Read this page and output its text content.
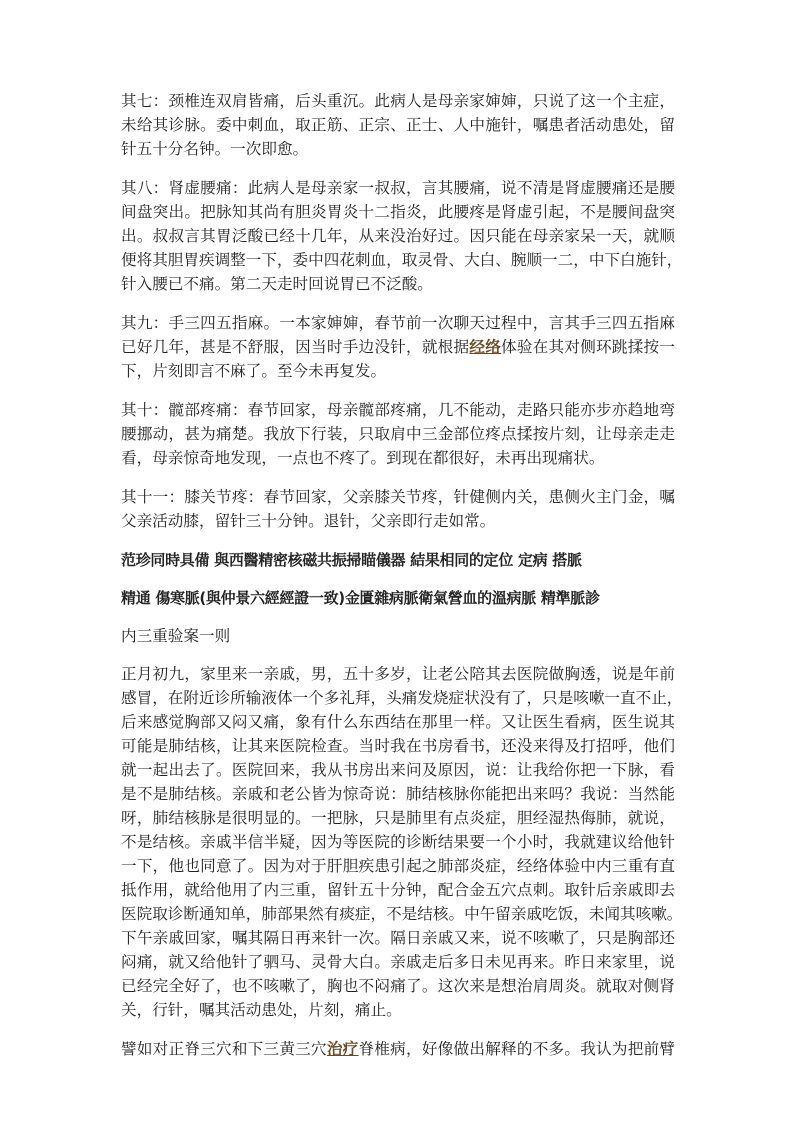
其七：颈椎连双肩皆痛，后头重沉。此病人是母亲家婶婶，只说了这一个主症，
未给其诊脉。委中刺血，取正筋、正宗、正士、人中施针，嘱患者活动患处，留
针五十分名钟。一次即愈。
其八：肾虚腰痛：此病人是母亲家一叔叔，言其腰痛，说不清是肾虚腰痛还是腰
间盘突出。把脉知其尚有胆炎胃炎十二指炎，此腰疼是肾虚引起，不是腰间盘突
出。叔叔言其胃泛酸已经十几年，从来没治好过。因只能在母亲家呆一天，就顺
便将其胆胃疾调整一下，委中四花刺血，取灵骨、大白、腕顺一二，中下白施针，
针入腰已不痛。第二天走时回说胃已不泛酸。
其九：手三四五指麻。一本家婶婶，春节前一次聊天过程中，言其手三四五指麻
已好几年，甚是不舒服，因当时手边没针，就根据经络体验在其对侧环跳揉按一
下，片刻即言不麻了。至今未再复发。
其十：髋部疼痛：春节回家，母亲髋部疼痛，几不能动，走路只能亦步亦趋地弯
腰挪动，甚为痛楚。我放下行装，只取肩中三金部位疼点揉按片刻，让母亲走走
看，母亲惊奇地发现，一点也不疼了。到现在都很好，未再出现痛状。
其十一：膝关节疼：春节回家，父亲膝关节疼，针健侧内关，患侧火主门金，嘱
父亲活动膝，留针三十分钟。退针，父亲即行走如常。
范珍同時具備 與西醫精密核磁共振掃瞄儀器 結果相同的定位 定病 搭脈
精通 傷寒脈(與仲景六經經證一致)金匱雜病脈衛氣營血的溫病脈 精準脈診
内三重验案一则
正月初九，家里来一亲戚，男，五十多岁，让老公陪其去医院做胸透，说是年前
感冒，在附近诊所输液体一个多礼拜，头痛发烧症状没有了，只是咳嗽一直不止，
后来感觉胸部又闷又痛，象有什么东西结在那里一样。又让医生看病，医生说其
可能是肺结核，让其来医院检查。当时我在书房看书，还没来得及打招呼，他们
就一起出去了。医院回来，我从书房出来问及原因，说：让我给你把一下脉，看
是不是肺结核。亲戚和老公皆为惊奇说：肺结核脉你能把出来吗？我说：当然能
呀，肺结核脉是很明显的。一把脉，只是肺里有点炎症，胆经湿热侮肺，就说，
不是结核。亲戚半信半疑，因为等医院的诊断结果要一个小时，我就建议给他针
一下，他也同意了。因为对于肝胆疾患引起之肺部炎症，经络体验中内三重有直
抵作用，就给他用了内三重，留针五十分钟，配合金五穴点刺。取针后亲戚即去
医院取诊断通知单，肺部果然有痰症，不是结核。中午留亲戚吃饭，未闻其咳嗽。
下午亲戚回家，嘱其隔日再来针一次。隔日亲戚又来，说不咳嗽了，只是胸部还
闷痛，就又给他针了驷马、灵骨大白。亲戚走后多日未见再来。昨日来家里，说
已经完全好了，也不咳嗽了，胸也不闷痛了。这次来是想治肩周炎。就取对侧肾
关，行针，嘱其活动患处，片刻，痛止。
譬如对正脊三穴和下三黄三穴治疗脊椎病，好像做出解释的不多。我认为把前臂
